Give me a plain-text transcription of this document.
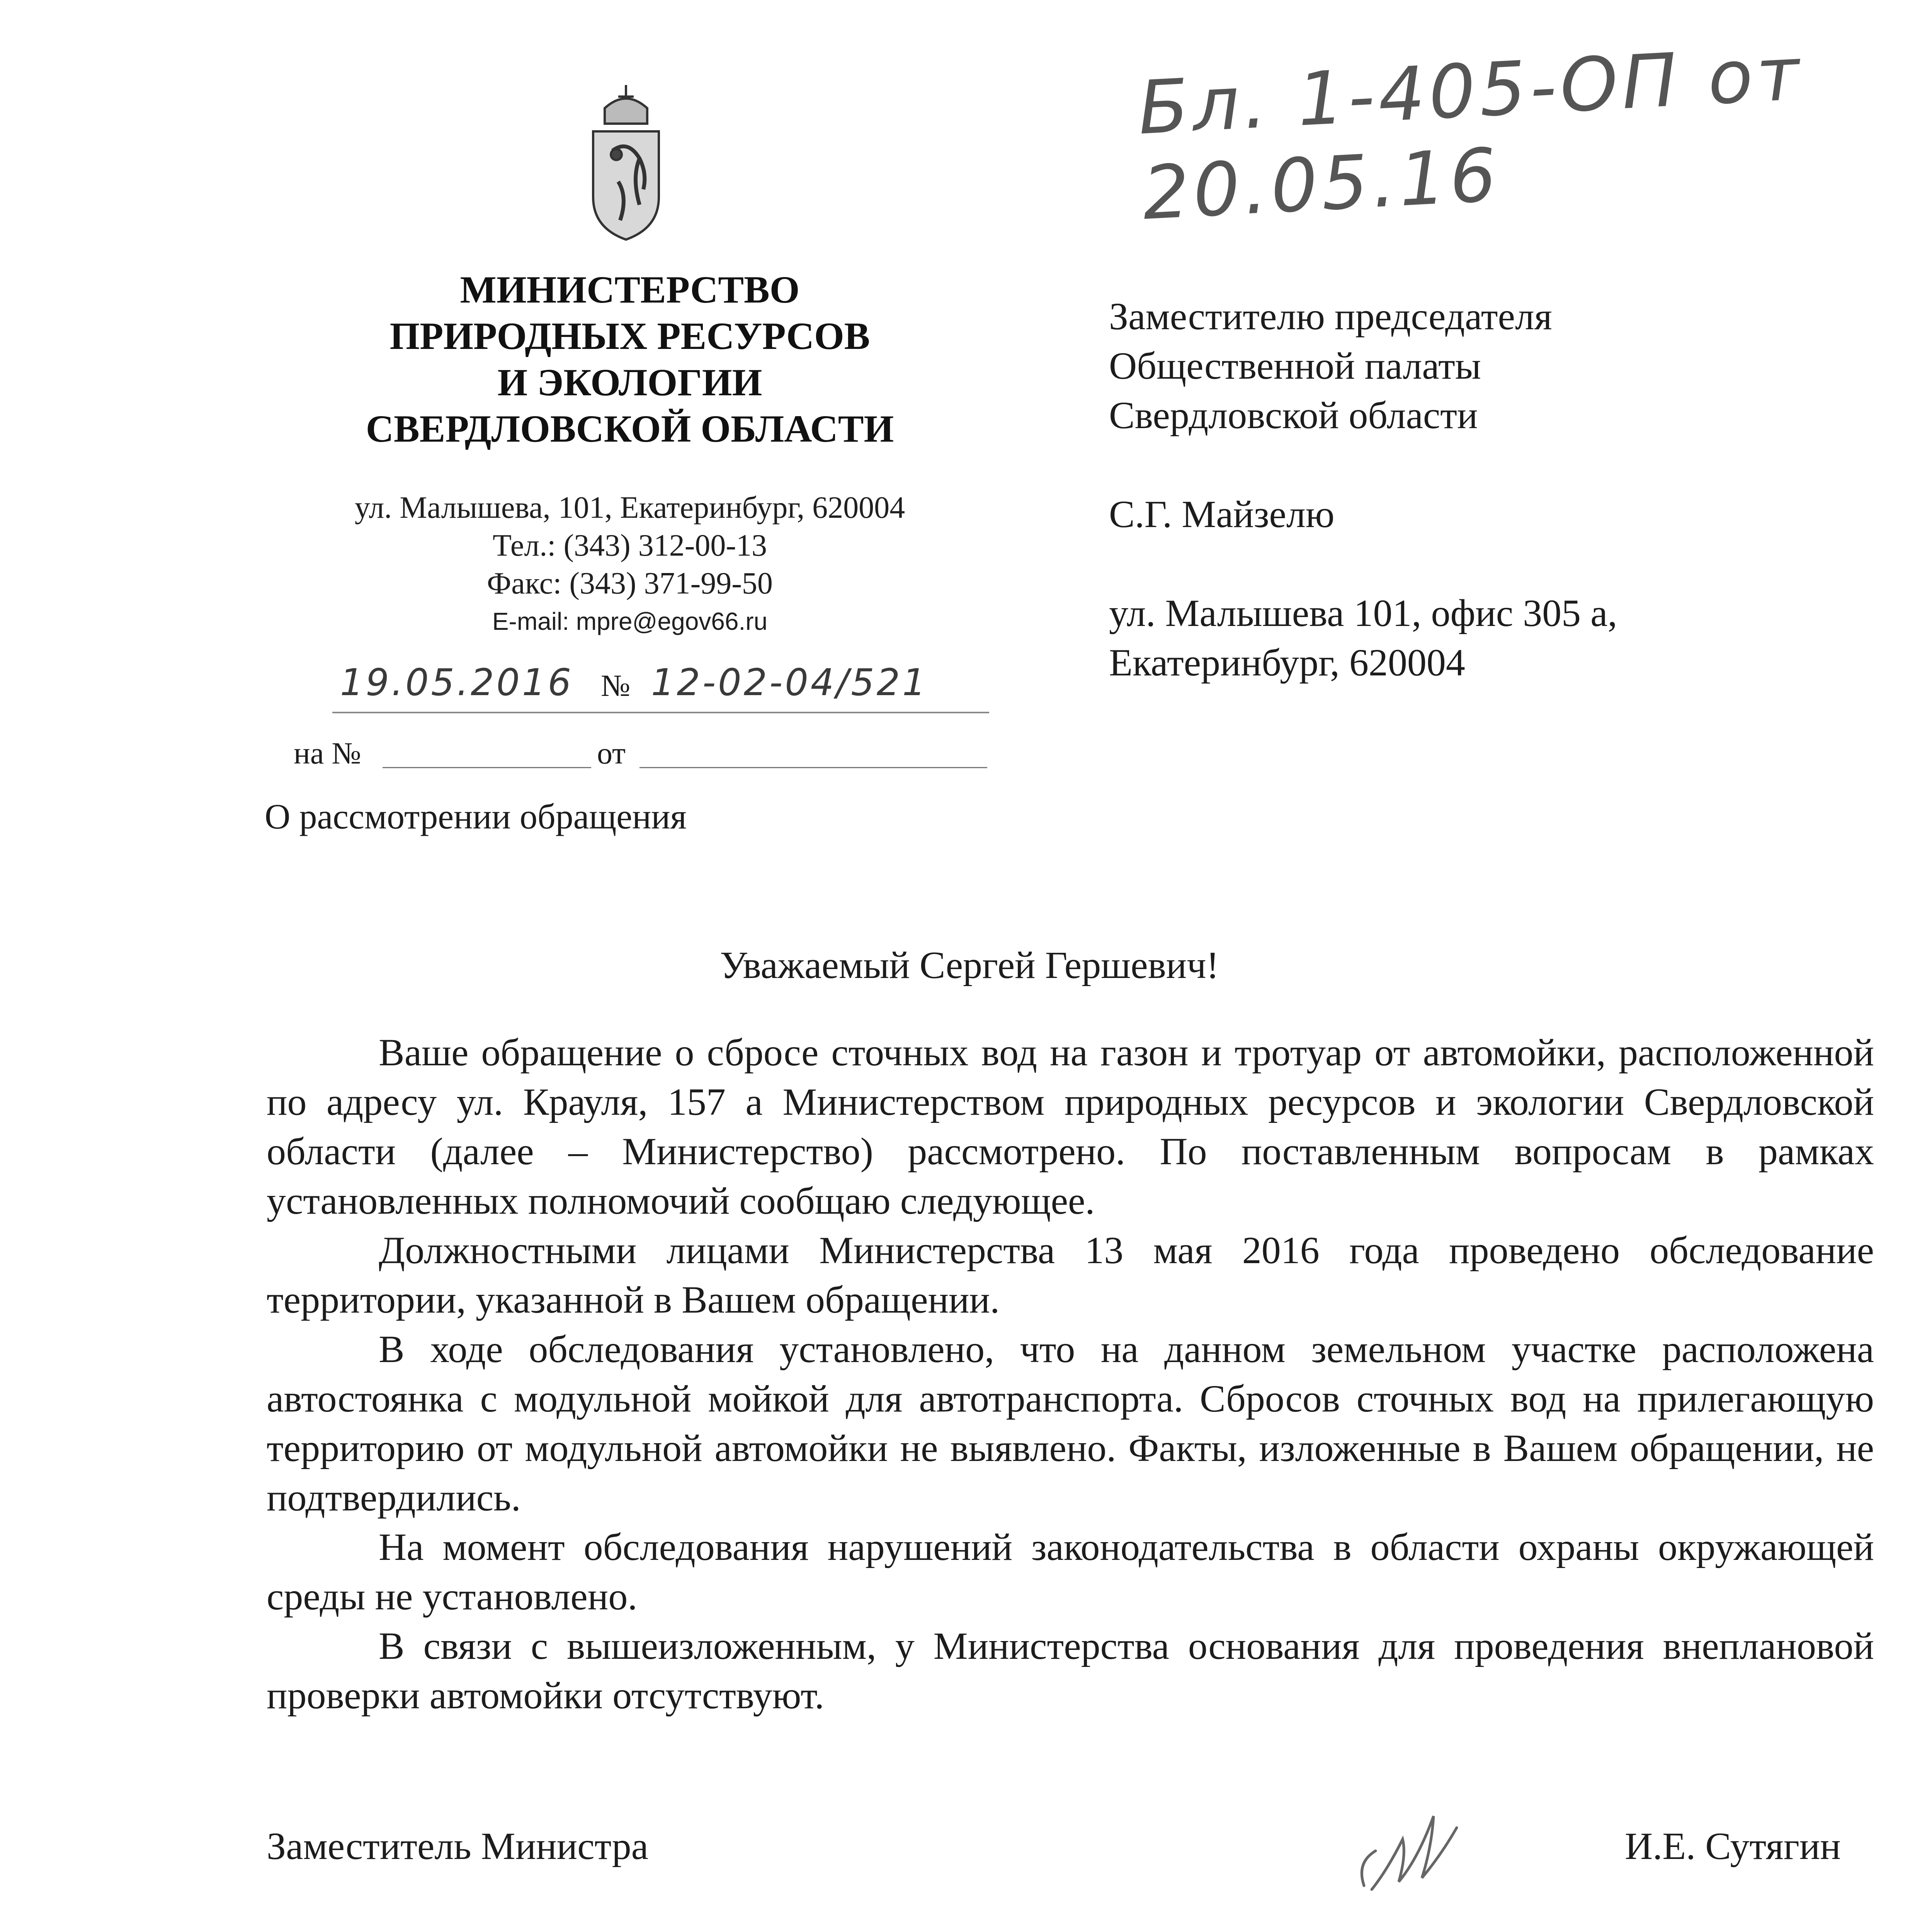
Бл. 1-405-ОП от 20.05.16
МИНИСТЕРСТВО
ПРИРОДНЫХ РЕСУРСОВ
И ЭКОЛОГИИ
СВЕРДЛОВСКОЙ ОБЛАСТИ
ул. Малышева, 101, Екатеринбург, 620004
Тел.: (343) 312-00-13
Факс: (343) 371-99-50
E-mail: mpre@egov66.ru
19.05.2016 № 12-02-04/521
на №	от
О рассмотрении обращения
Заместителю председателя
Общественной палаты
Свердловской области
С.Г. Майзелю
ул. Малышева 101, офис 305 а,
Екатеринбург, 620004
Уважаемый Сергей Гершевич!

Ваше обращение о сбросе сточных вод на газон и тротуар от автомойки, расположенной по адресу ул. Крауля, 157 а Министерством природных ресурсов и экологии Свердловской области (далее – Министерство) рассмотрено. По поставленным вопросам в рамках установленных полномочий сообщаю следующее.

Должностными лицами Министерства 13 мая 2016 года проведено обследование территории, указанной в Вашем обращении.

В ходе обследования установлено, что на данном земельном участке расположена автостоянка с модульной мойкой для автотранспорта. Сбросов сточных вод на прилегающую территорию от модульной автомойки не выявлено. Факты, изложенные в Вашем обращении, не подтвердились.

На момент обследования нарушений законодательства в области охраны окружающей среды не установлено.

В связи с вышеизложенным, у Министерства основания для проведения внеплановой проверки автомойки отсутствуют.

Заместитель Министра	И.Е. Сутягин
